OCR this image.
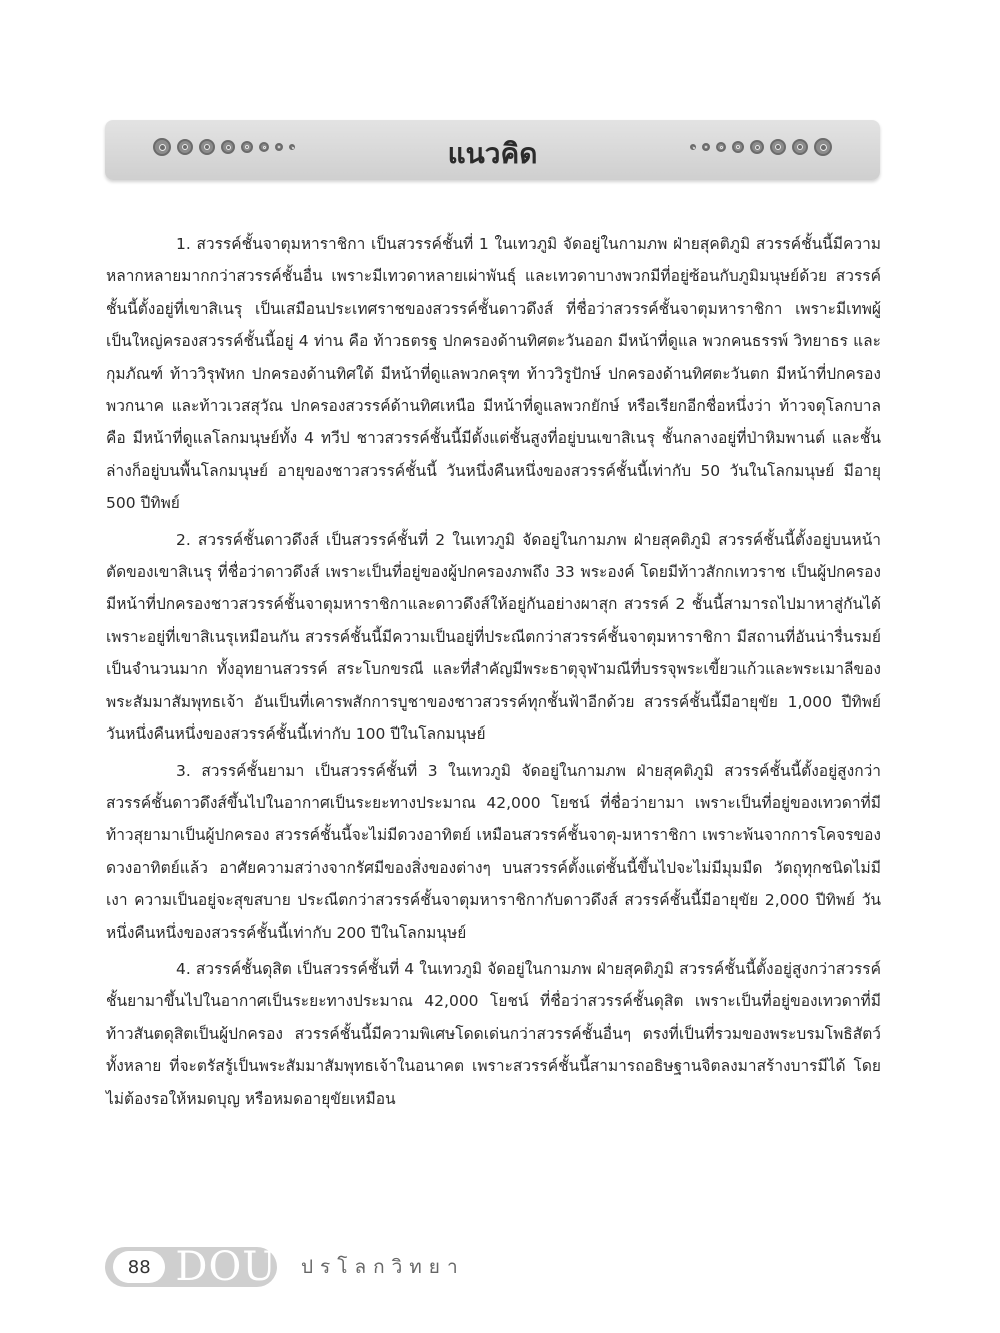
แนวคิด

1. สวรรค์ชั้นจาตุมหาราชิกา เป็นสวรรค์ชั้นที่ 1 ในเทวภูมิ จัดอยู่ในกามภพ ฝ่ายสุคติภูมิ สวรรค์ชั้นนี้มีความหลากหลายมากกว่าสวรรค์ชั้นอื่น เพราะมีเทวดาหลายเผ่าพันธุ์ และเทวดาบางพวกมีที่อยู่ซ้อนกับภูมิมนุษย์ด้วย สวรรค์ชั้นนี้ตั้งอยู่ที่เขาสิเนรุ เป็นเสมือนประเทศราชของสวรรค์ชั้นดาวดึงส์ ที่ชื่อว่าสวรรค์ชั้นจาตุมหาราชิกา เพราะมีเทพผู้เป็นใหญ่ครองสวรรค์ชั้นนี้อยู่ 4 ท่าน คือ ท้าวธตรฐ ปกครองด้านทิศตะวันออก มีหน้าที่ดูแล พวกคนธรรพ์ วิทยาธร และกุมภัณฑ์ ท้าววิรุฬหก ปกครองด้านทิศใต้ มีหน้าที่ดูแลพวกครุฑ ท้าววิรูปักษ์ ปกครองด้านทิศตะวันตก มีหน้าที่ปกครองพวกนาค และท้าวเวสสุวัณ ปกครองสวรรค์ด้านทิศเหนือ มีหน้าที่ดูแลพวกยักษ์ หรือเรียกอีกชื่อหนึ่งว่า ท้าวจตุโลกบาล คือ มีหน้าที่ดูแลโลกมนุษย์ทั้ง 4 ทวีป ชาวสวรรค์ชั้นนี้มีตั้งแต่ชั้นสูงที่อยู่บนเขาสิเนรุ ชั้นกลางอยู่ที่ป่าหิมพานต์ และชั้นล่างก็อยู่บนพื้นโลกมนุษย์ อายุของชาวสวรรค์ชั้นนี้ วันหนึ่งคืนหนึ่งของสวรรค์ชั้นนี้เท่ากับ 50 วันในโลกมนุษย์ มีอายุ 500 ปีทิพย์

2. สวรรค์ชั้นดาวดึงส์ เป็นสวรรค์ชั้นที่ 2 ในเทวภูมิ จัดอยู่ในกามภพ ฝ่ายสุคติภูมิ สวรรค์ชั้นนี้ตั้งอยู่บนหน้าตัดของเขาสิเนรุ ที่ชื่อว่าดาวดึงส์ เพราะเป็นที่อยู่ของผู้ปกครองภพถึง 33 พระองค์ โดยมีท้าวสักกเทวราช เป็นผู้ปกครอง มีหน้าที่ปกครองชาวสวรรค์ชั้นจาตุมหาราชิกาและดาวดึงส์ให้อยู่กันอย่างผาสุก สวรรค์ 2 ชั้นนี้สามารถไปมาหาสู่กันได้ เพราะอยู่ที่เขาสิเนรุเหมือนกัน สวรรค์ชั้นนี้มีความเป็นอยู่ที่ประณีตกว่าสวรรค์ชั้นจาตุมหาราชิกา มีสถานที่อันน่ารื่นรมย์เป็นจำนวนมาก ทั้งอุทยานสวรรค์ สระโบกขรณี และที่สำคัญมีพระธาตุจุฬามณีที่บรรจุพระเขี้ยวแก้วและพระเมาลีของพระสัมมาสัมพุทธเจ้า อันเป็นที่เคารพสักการบูชาของชาวสวรรค์ทุกชั้นฟ้าอีกด้วย สวรรค์ชั้นนี้มีอายุขัย 1,000 ปีทิพย์ วันหนึ่งคืนหนึ่งของสวรรค์ชั้นนี้เท่ากับ 100 ปีในโลกมนุษย์

3. สวรรค์ชั้นยามา เป็นสวรรค์ชั้นที่ 3 ในเทวภูมิ จัดอยู่ในกามภพ ฝ่ายสุคติภูมิ สวรรค์ชั้นนี้ตั้งอยู่สูงกว่าสวรรค์ชั้นดาวดึงส์ขึ้นไปในอากาศเป็นระยะทางประมาณ 42,000 โยชน์ ที่ชื่อว่ายามา เพราะเป็นที่อยู่ของเทวดาที่มีท้าวสุยามาเป็นผู้ปกครอง สวรรค์ชั้นนี้จะไม่มีดวงอาทิตย์ เหมือนสวรรค์ชั้นจาตุ-มหาราชิกา เพราะพ้นจากการโคจรของดวงอาทิตย์แล้ว อาศัยความสว่างจากรัศมีของสิ่งของต่างๆ บนสวรรค์ตั้งแต่ชั้นนี้ขึ้นไปจะไม่มีมุมมืด วัตถุทุกชนิดไม่มีเงา ความเป็นอยู่จะสุขสบาย ประณีตกว่าสวรรค์ชั้นจาตุมหาราชิกากับดาวดึงส์ สวรรค์ชั้นนี้มีอายุขัย 2,000 ปีทิพย์ วันหนึ่งคืนหนึ่งของสวรรค์ชั้นนี้เท่ากับ 200 ปีในโลกมนุษย์

4. สวรรค์ชั้นดุสิต เป็นสวรรค์ชั้นที่ 4 ในเทวภูมิ จัดอยู่ในกามภพ ฝ่ายสุคติภูมิ สวรรค์ชั้นนี้ตั้งอยู่สูงกว่าสวรรค์ชั้นยามาขึ้นไปในอากาศเป็นระยะทางประมาณ 42,000 โยชน์ ที่ชื่อว่าสวรรค์ชั้นดุสิต เพราะเป็นที่อยู่ของเทวดาที่มีท้าวสันตดุสิตเป็นผู้ปกครอง สวรรค์ชั้นนี้มีความพิเศษโดดเด่นกว่าสวรรค์ชั้นอื่นๆ ตรงที่เป็นที่รวมของพระบรมโพธิสัตว์ทั้งหลาย ที่จะตรัสรู้เป็นพระสัมมาสัมพุทธเจ้าในอนาคต เพราะสวรรค์ชั้นนี้สามารถอธิษฐานจิตลงมาสร้างบารมีได้ โดยไม่ต้องรอให้หมดบุญ หรือหมดอายุขัยเหมือน

88 DOU ปรโลกวิทยา
